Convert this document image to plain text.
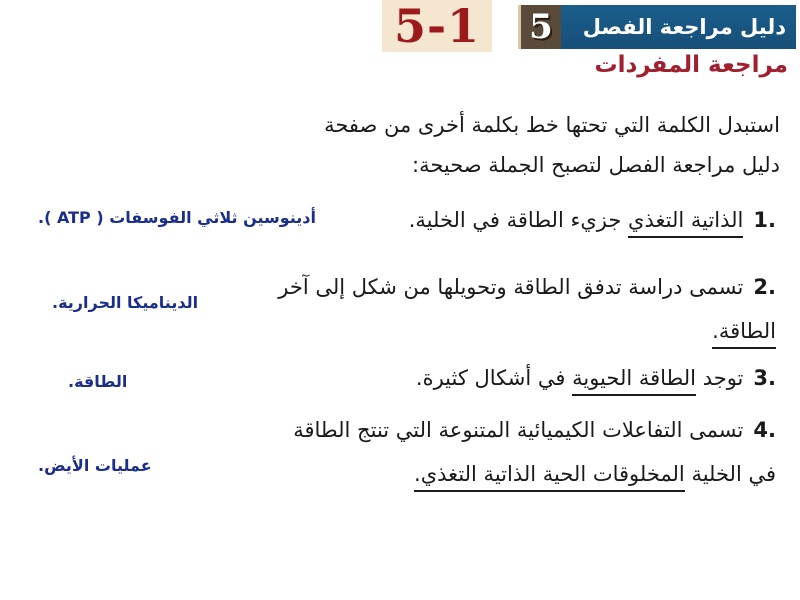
5-1	5	دليل مراجعة الفصل
مراجعة المفردات
استبدل الكلمة التي تحتها خط بكلمة أخرى من صفحة
دليل مراجعة الفصل لتصبح الجملة صحيحة:
.1الذاتية التغذي جزيء الطاقة في الخلية.
أدينوسين ثلاثي الفوسفات ( ATP ).
.2تسمى دراسة تدفق الطاقة وتحويلها من شكل إلى آخر
الطاقة.
الديناميكا الحرارية.
.3توجد الطاقة الحيوية في أشكال كثيرة.
الطاقة.
.4تسمى التفاعلات الكيميائية المتنوعة التي تنتج الطاقة
في الخلية المخلوقات الحية الذاتية التغذي.
عمليات الأيض.
